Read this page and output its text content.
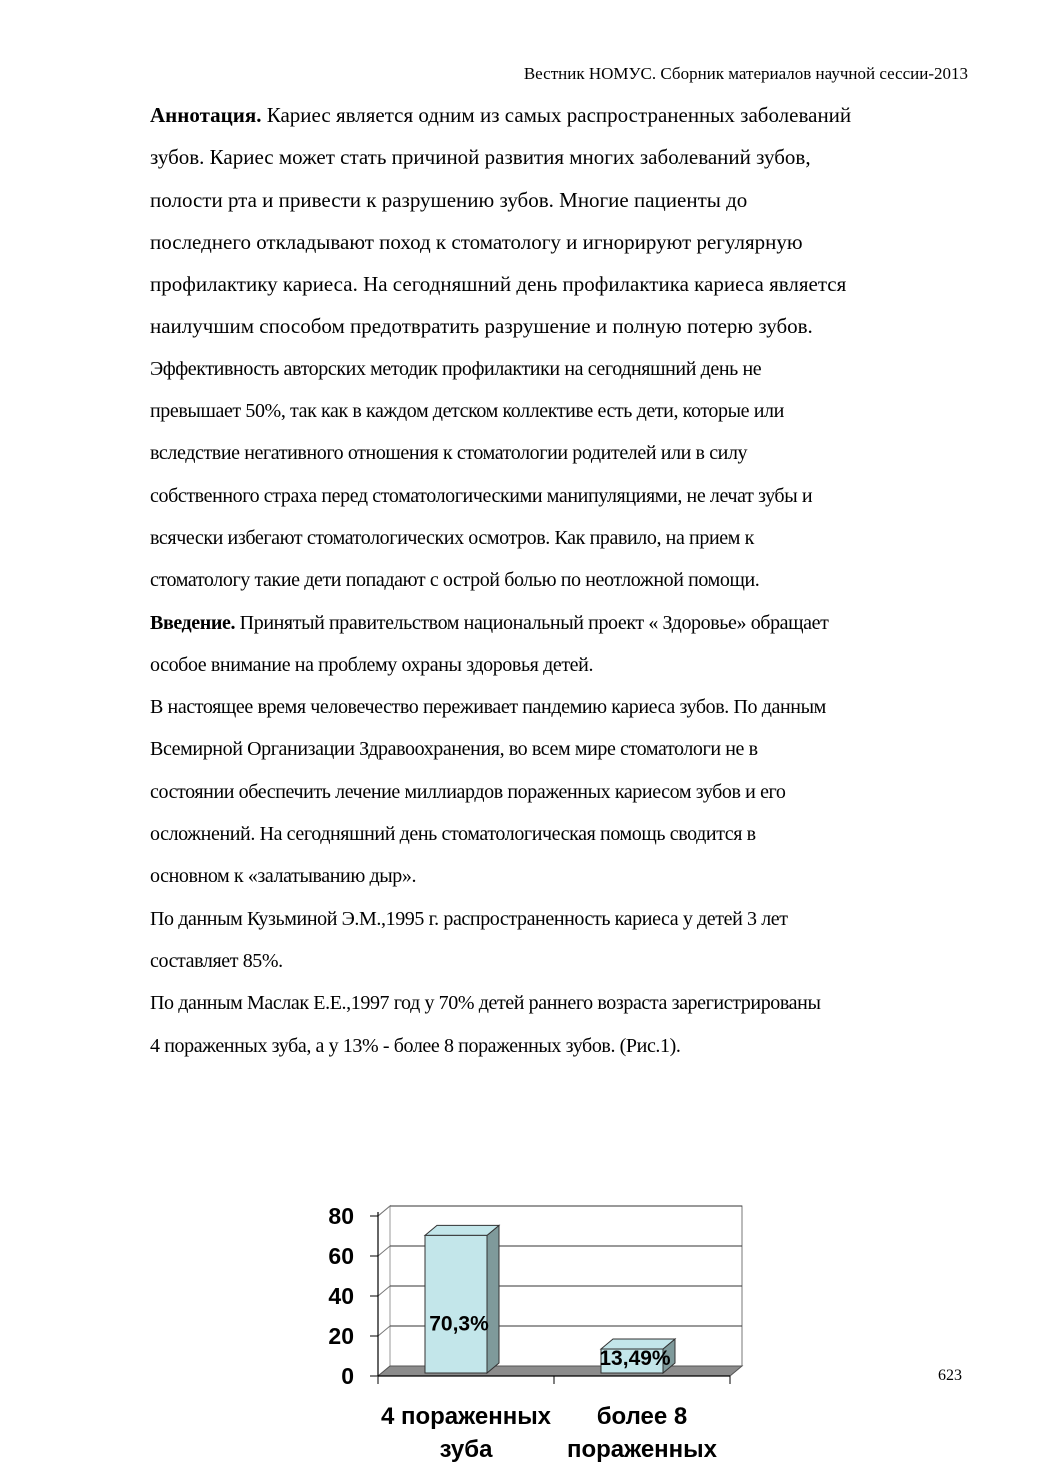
Вестник НОМУС. Сборник материалов научной сессии-2013
Аннотация. Кариес является одним из самых распространенных заболеваний
зубов. Кариес может стать причиной развития многих заболеваний зубов,
полости рта и привести к разрушению зубов. Многие пациенты до
последнего откладывают поход к стоматологу и игнорируют регулярную
профилактику кариеса. На сегодняшний день профилактика кариеса является
наилучшим способом предотвратить разрушение и полную потерю зубов.
Эффективность авторских методик профилактики на сегодняшний день не
превышает 50%, так как в каждом детском коллективе есть дети, которые или
вследствие негативного отношения к стоматологии родителей или в силу
собственного страха перед стоматологическими манипуляциями, не лечат зубы и
всячески избегают стоматологических осмотров. Как правило, на прием к
стоматологу такие дети попадают с острой болью по неотложной помощи.
Введение. Принятый правительством национальный проект « Здоровье» обращает
особое внимание на проблему охраны здоровья детей.
В настоящее время человечество переживает пандемию кариеса зубов. По данным
Всемирной Организации Здравоохранения, во всем мире стоматологи не в
состоянии обеспечить лечение миллиардов пораженных кариесом зубов и его
осложнений. На сегодняшний день стоматологическая помощь сводится в
основном к «залатыванию дыр».
По данным Кузьминой Э.М.,1995 г. распространенность кариеса у детей 3 лет
составляет 85%.
По данным Маслак Е.Е.,1997 год у 70% детей раннего возраста зарегистрированы
4 пораженных зуба, а у 13% - более 8 пораженных зубов. (Рис.1).
623
0
20
40
60
80
70,3%
13,49%
4 пораженных
зуба
более 8
пораженных
